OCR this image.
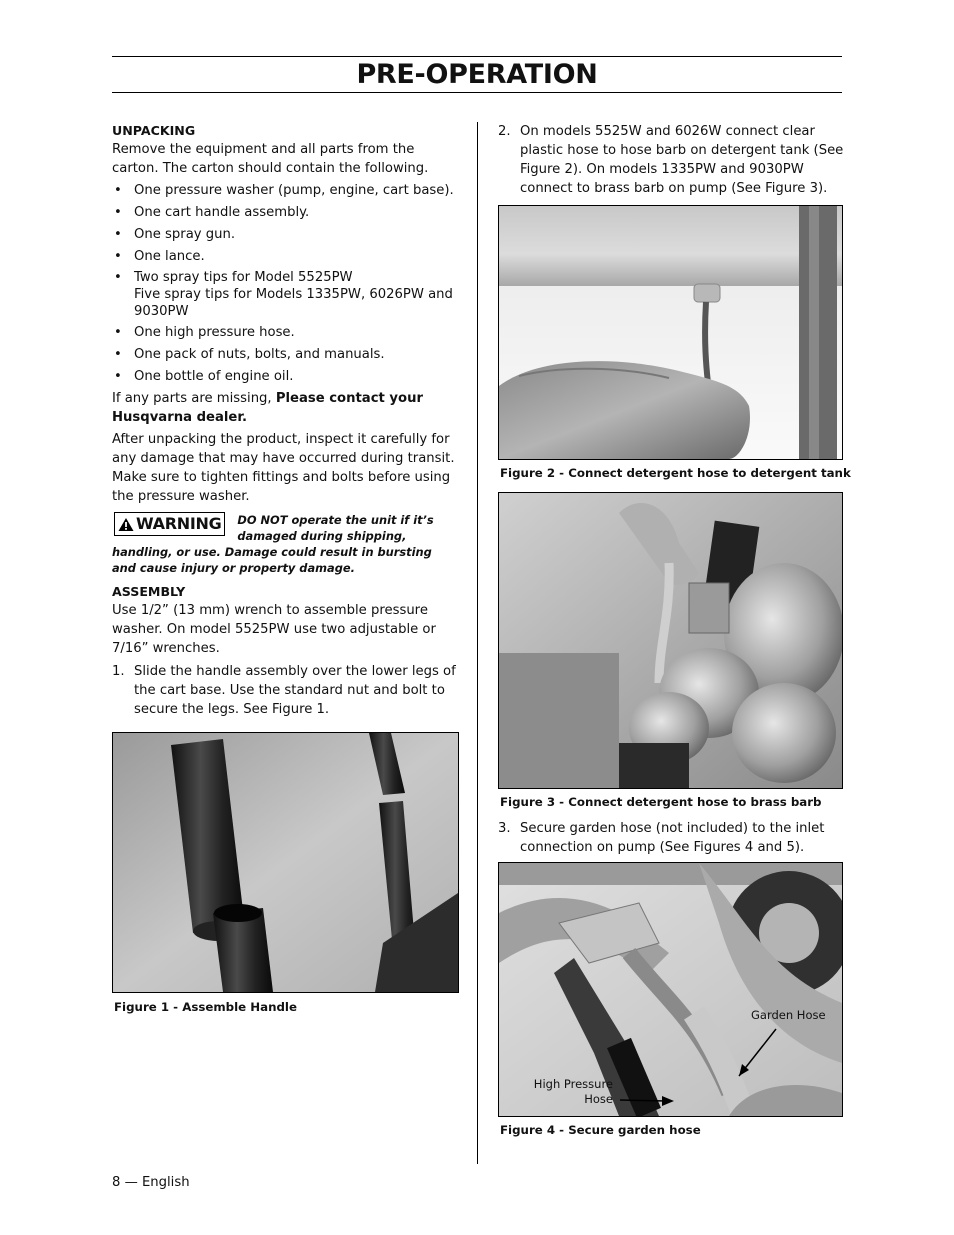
PRE-OPERATION

UNPACKING

Remove the equipment and all parts from the carton. The carton should contain the following.

• One pressure washer (pump, engine, cart base).
• One cart handle assembly.
• One spray gun.
• One lance.
• Two spray tips for Model 5525PW
Five spray tips for Models 1335PW, 6026PW and 9030PW
• One high pressure hose.
• One pack of nuts, bolts, and manuals.
• One bottle of engine oil.

If any parts are missing, Please contact your Husqvarna dealer.

After unpacking the product, inspect it carefully for any damage that may have occurred during transit. Make sure to tighten fittings and bolts before using the pressure washer.

WARNING DO NOT operate the unit if it’s damaged during shipping, handling, or use. Damage could result in bursting and cause injury or property damage.

ASSEMBLY

Use 1/2” (13 mm) wrench to assemble pressure washer. On model 5525PW use two adjustable or 7/16” wrenches.

1. Slide the handle assembly over the lower legs of the cart base. Use the standard nut and bolt to secure the legs. See Figure 1.
Figure 1 - Assemble Handle
2. On models 5525W and 6026W connect clear plastic hose to hose barb on detergent tank (See Figure 2). On models 1335PW and 9030PW connect to brass barb on pump (See Figure 3).
Figure 2 - Connect detergent hose to detergent tank
Figure 3 - Connect detergent hose to brass barb
3. Secure garden hose (not included) to the inlet connection on pump (See Figures 4 and 5).
Garden Hose
High Pressure
Hose
Figure 4 - Secure garden hose
8 — English
